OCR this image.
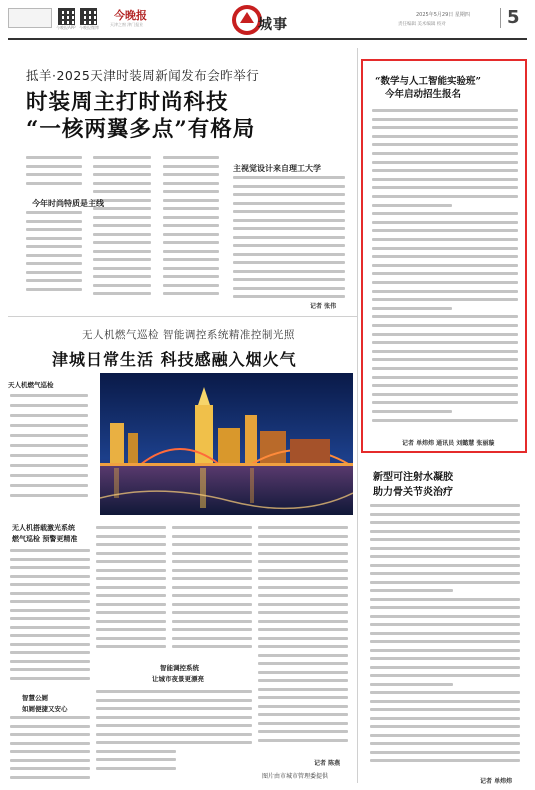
今晚报APP 今晚报微博
今晚报
天津之窗 津门报业	城事
2025年5月29日 星期四
责任编辑 美术编辑 校对	5
抵羊·2025天津时装周新闻发布会昨举行
时装周主打时尚科技
“一核两翼多点”有格局
今年时尚特质是主线
主视觉设计来自理工大学
记者 张伟
无人机燃气巡检 智能调控系统精准控制光照
津城日常生活 科技感融入烟火气
天人机燃气巡检
无人机搭载激光系统
燃气巡检 预警更精准
智慧公厕
如厕便捷又安心
智能调控系统
让城市夜景更漂亮
记者 陈燕
图片由市城市管理委提供
“数学与人工智能实验班”
今年启动招生报名
记者 单炜炜 通讯员 刘懿慧 张丽璇
新型可注射水凝胶
助力骨关节炎治疗
记者 单炜炜
